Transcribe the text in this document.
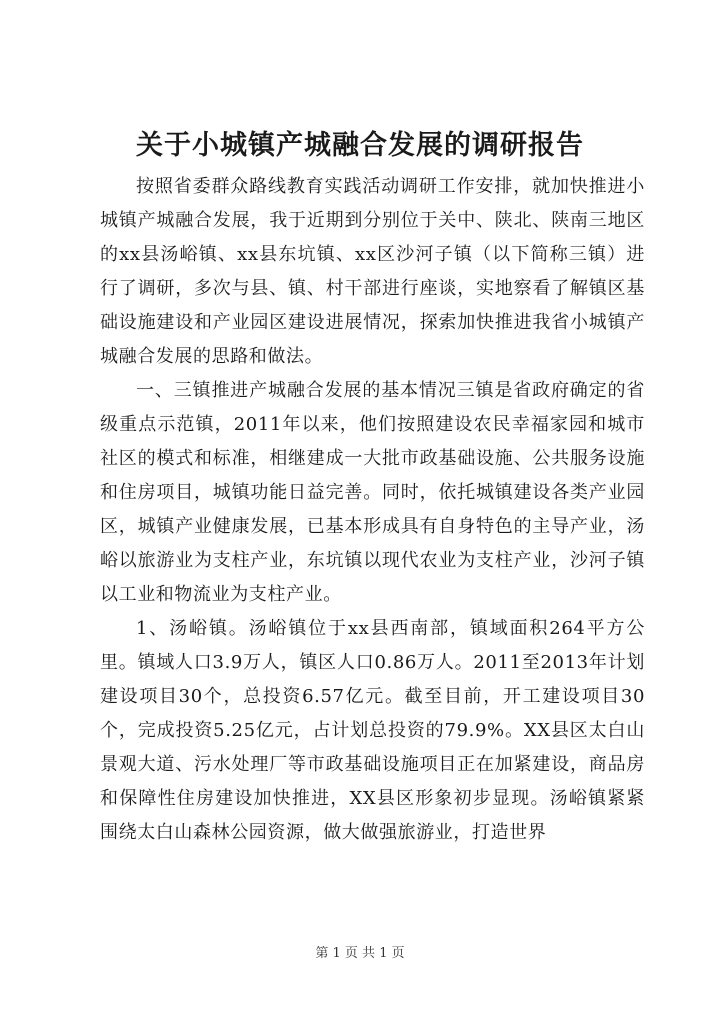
关于小城镇产城融合发展的调研报告

按照省委群众路线教育实践活动调研工作安排，就加快推进小城镇产城融合发展，我于近期到分别位于关中、陕北、陕南三地区的xx县汤峪镇、xx县东坑镇、xx区沙河子镇（以下简称三镇）进行了调研，多次与县、镇、村干部进行座谈，实地察看了解镇区基础设施建设和产业园区建设进展情况，探索加快推进我省小城镇产城融合发展的思路和做法。

一、三镇推进产城融合发展的基本情况三镇是省政府确定的省级重点示范镇，2011年以来，他们按照建设农民幸福家园和城市社区的模式和标准，相继建成一大批市政基础设施、公共服务设施和住房项目，城镇功能日益完善。同时，依托城镇建设各类产业园区，城镇产业健康发展，已基本形成具有自身特色的主导产业，汤峪以旅游业为支柱产业，东坑镇以现代农业为支柱产业，沙河子镇以工业和物流业为支柱产业。

1、汤峪镇。汤峪镇位于xx县西南部，镇域面积264平方公里。镇域人口3.9万人，镇区人口0.86万人。2011至2013年计划建设项目30个，总投资6.57亿元。截至目前，开工建设项目30个，完成投资5.25亿元，占计划总投资的79.9%。XX县区太白山景观大道、污水处理厂等市政基础设施项目正在加紧建设，商品房和保障性住房建设加快推进，XX县区形象初步显现。汤峪镇紧紧围绕太白山森林公园资源，做大做强旅游业，打造世界

第 1 页 共 1 页
